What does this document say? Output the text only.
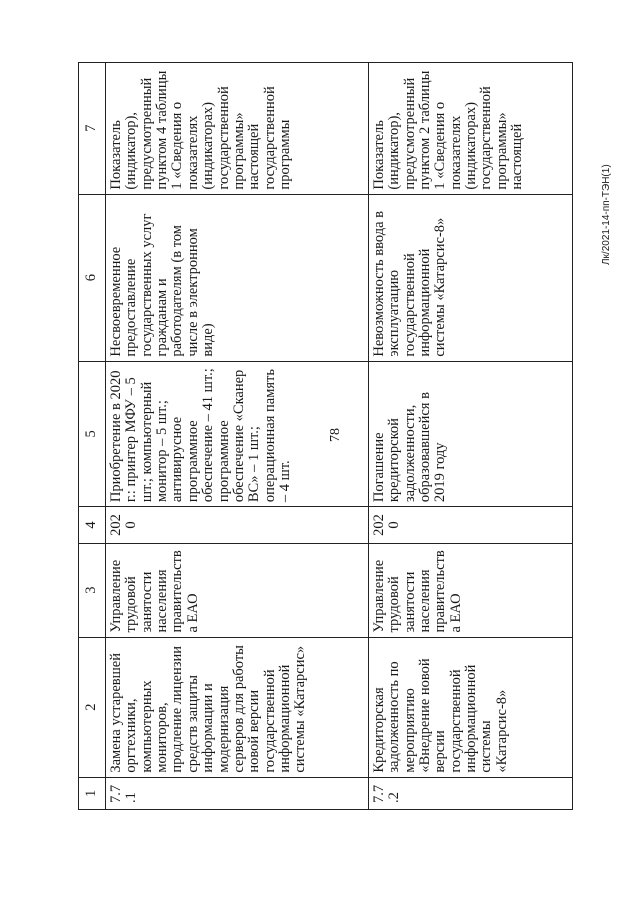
78
Лк/2021-14-пп-ТЭН(1)
1	2	3	4	5	6	7
7.7.1	Замена устаревшей оргтехники, компьютерных мониторов, продление лицензии средств защиты информации и модернизация серверов для работы новой версии государственной информационной системы «Катарсис»	Управление трудовой занятости населения правительства ЕАО	2020	Приобретение в 2020 г.: принтер МФУ – 5 шт.; компьютерный монитор – 5 шт.; антивирусное программное обеспечение – 41 шт.; программное обеспечение «Сканер ВС» – 1 шт.; операционная память – 4 шт.	Несвоевременное предоставление государственных услуг гражданам и работодателям (в том числе в электронном виде)	Показатель (индикатор), предусмотренный пунктом 4 таблицы 1 «Сведения о показателях (индикаторах) государственной программы» настоящей государственной программы
7.7.2	Кредиторская задолженность по мероприятию «Внедрение новой версии государственной информационной системы «Катарсис-8»	Управление трудовой занятости населения правительства ЕАО	2020	Погашение кредиторской задолженности, образовавшейся в 2019 году	Невозможность ввода в эксплуатацию государственной информационной системы «Катарсис-8»	Показатель (индикатор), предусмотренный пунктом 2 таблицы 1 «Сведения о показателях (индикаторах) государственной программы» настоящей
